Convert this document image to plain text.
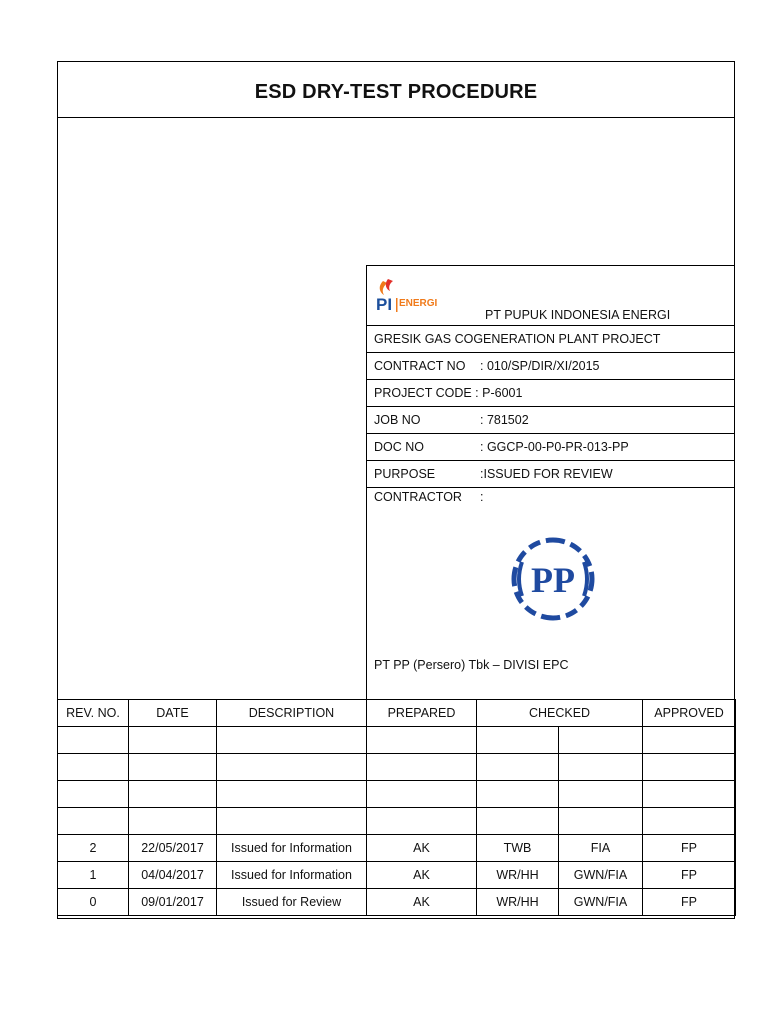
ESD DRY-TEST PROCEDURE
PI ENERGI
PT PUPUK INDONESIA ENERGI
GRESIK GAS COGENERATION PLANT PROJECT
CONTRACT NO : 010/SP/DIR/XI/2015
PROJECT CODE : P-6001
JOB NO	: 781502
DOC NO	: GGCP-00-P0-PR-013-PP
PURPOSE	:ISSUED FOR REVIEW
CONTRACTOR :
PP
PT PP (Persero) Tbk – DIVISI EPC
REV. NO.	DATE	DESCRIPTION	PREPARED	CHECKED		APPROVED

2	22/05/2017	Issued for Information	AK	TWB	FIA	FP
1	04/04/2017	Issued for Information	AK	WR/HH	GWN/FIA	FP
0	09/01/2017	Issued for Review	AK	WR/HH	GWN/FIA	FP
